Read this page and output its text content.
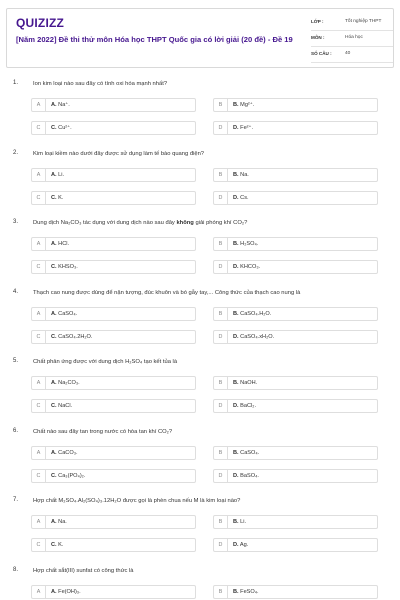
QUIZIZZ
[Năm 2022] Đề thi thử môn Hóa học THPT Quốc gia có lời giải (20 đề) - Đề 19
LỚP :	Tốt nghiệp THPT
MÔN :	Hóa học
SỐ CÂU :	40
1.	Ion kim loại nào sau đây có tính oxi hóa mạnh nhất?
A	A. Na⁺.	B	B. Mg²⁺.
C	C. Cu²⁺.	D	D. Fe²⁺.
2.	Kim loại kiềm nào dưới đây được sử dụng làm tế bào quang điện?
A	A. Li.	B	B. Na.
C	C. K.	D	D. Cs.
3.	Dung dịch Na₂CO₃ tác dụng với dung dịch nào sau đây không giải phóng khí CO₂?
A	A. HCl.	B	B. H₂SO₄.
C	C. KHSO₃.	D	D. KHCO₃.
4.	Thạch cao nung được dùng để nặn tượng, đúc khuôn và bó gẫy tay,... Công thức của thạch cao nung là
A	A. CaSO₄.	B	B. CaSO₄.H₂O.
C	C. CaSO₄.2H₂O.	D	D. CaSO₄.xH₂O.
5.	Chất phản ứng được với dung dịch H₂SO₄ tạo kết tủa là
A	A. Na₂CO₃.	B	B. NaOH.
C	C. NaCl.	D	D. BaCl₂.
6.	Chất nào sau đây tan trong nước có hòa tan khí CO₂?
A	A. CaCO₃.	B	B. CaSO₄.
C	C. Ca₃(PO₄)₂.	D	D. BaSO₄.
7.	Hợp chất M₂SO₄.Al₂(SO₄)₃.12H₂O được gọi là phèn chua nếu M là kim loại nào?
A	A. Na.	B	B. Li.
C	C. K.	D	D. Ag.
8.	Hợp chất sắt(III) sunfat có công thức là
A	A. Fe(OH)₃.	B	B. FeSO₄.
